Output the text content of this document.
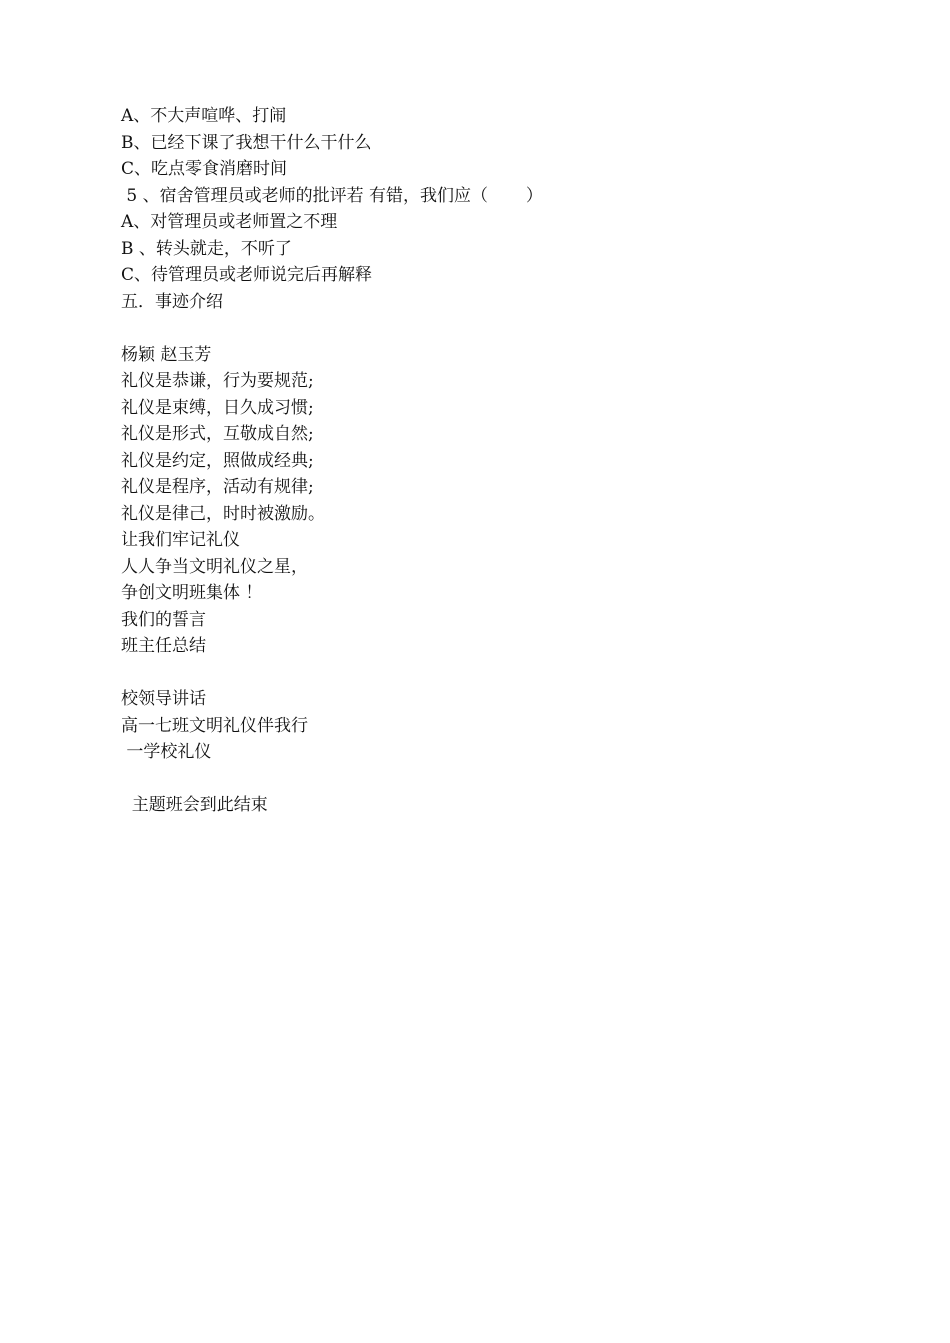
A、不大声喧哗、打闹
B、已经下课了我想干什么干什么
C、吃点零食消磨时间
5 、宿舍管理员或老师的批评若 有错，我们应（       ）
A、对管理员或老师置之不理
B 、转头就走，不听了
C、待管理员或老师说完后再解释
五．事迹介绍
杨颖 赵玉芳
礼仪是恭谦，行为要规范;
礼仪是束缚，日久成习惯;
礼仪是形式，互敬成自然;
礼仪是约定，照做成经典;
礼仪是程序，活动有规律;
礼仪是律己，时时被激励。
让我们牢记礼仪
人人争当文明礼仪之星，
争创文明班集体 ！
我们的誓言
班主任总结
校领导讲话
高一七班文明礼仪伴我行
一学校礼仪
主题班会到此结束
